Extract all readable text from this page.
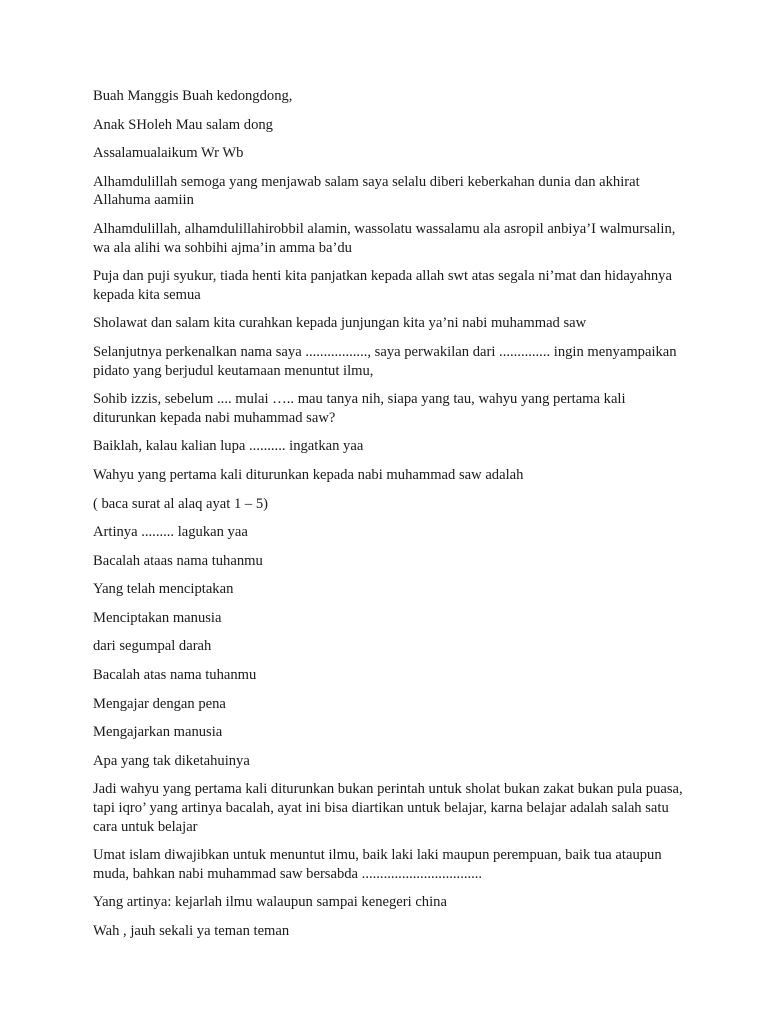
Buah Manggis Buah kedongdong,

Anak SHoleh Mau salam dong

Assalamualaikum Wr Wb

Alhamdulillah semoga yang menjawab salam saya selalu diberi keberkahan dunia dan akhirat Allahuma aamiin

Alhamdulillah, alhamdulillahirobbil alamin, wassolatu wassalamu ala asropil anbiya’I walmursalin, wa ala alihi wa sohbihi ajma’in amma ba’du

Puja dan puji syukur, tiada henti kita panjatkan kepada allah swt atas segala ni’mat dan hidayahnya kepada kita semua

Sholawat dan salam kita curahkan kepada junjungan kita ya’ni nabi muhammad saw

Selanjutnya perkenalkan nama saya ................., saya perwakilan dari .............. ingin menyampaikan pidato yang berjudul keutamaan menuntut ilmu,

Sohib izzis, sebelum .... mulai ….. mau tanya nih, siapa yang tau, wahyu yang pertama kali diturunkan kepada nabi muhammad saw?

Baiklah, kalau kalian lupa .......... ingatkan yaa

Wahyu yang pertama kali diturunkan kepada nabi muhammad saw adalah

( baca surat al alaq ayat 1 – 5)

Artinya ......... lagukan yaa

Bacalah ataas nama tuhanmu

Yang telah menciptakan

Menciptakan manusia

dari segumpal darah

Bacalah atas nama tuhanmu

Mengajar dengan pena

Mengajarkan manusia

Apa yang tak diketahuinya

Jadi wahyu yang pertama kali diturunkan bukan perintah untuk sholat bukan zakat bukan pula puasa, tapi iqro’ yang artinya bacalah, ayat ini bisa diartikan untuk belajar, karna belajar adalah salah satu cara untuk belajar

Umat islam diwajibkan untuk menuntut ilmu, baik laki laki maupun perempuan, baik tua ataupun muda, bahkan nabi muhammad saw bersabda .................................

Yang artinya: kejarlah ilmu walaupun sampai kenegeri china

Wah , jauh sekali ya teman teman
